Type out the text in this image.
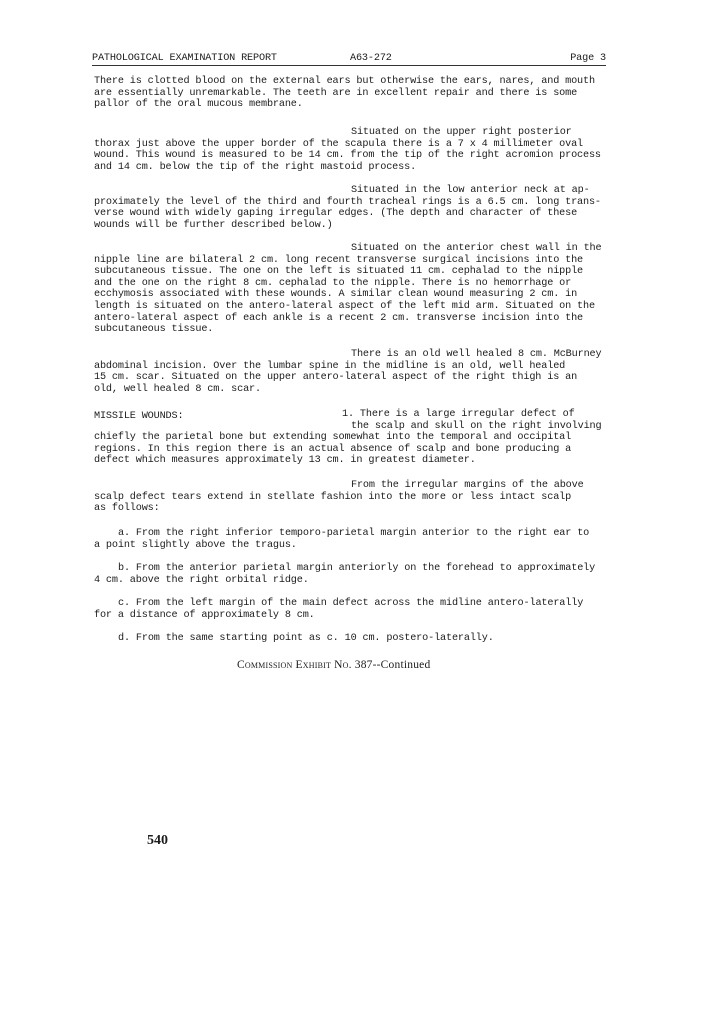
PATHOLOGICAL EXAMINATION REPORT	A63-272	Page 3
There is clotted blood on the external ears but otherwise the ears, nares, and mouth
are essentially unremarkable. The teeth are in excellent repair and there is some
pallor of the oral mucous membrane.
Situated on the upper right posterior
thorax just above the upper border of the scapula there is a 7 x 4 millimeter oval
wound. This wound is measured to be 14 cm. from the tip of the right acromion process
and 14 cm. below the tip of the right mastoid process.
Situated in the low anterior neck at ap-
proximately the level of the third and fourth tracheal rings is a 6.5 cm. long trans-
verse wound with widely gaping irregular edges. (The depth and character of these
wounds will be further described below.)
Situated on the anterior chest wall in the
nipple line are bilateral 2 cm. long recent transverse surgical incisions into the
subcutaneous tissue. The one on the left is situated 11 cm. cephalad to the nipple
and the one on the right 8 cm. cephalad to the nipple. There is no hemorrhage or
ecchymosis associated with these wounds. A similar clean wound measuring 2 cm. in
length is situated on the antero-lateral aspect of the left mid arm. Situated on the
antero-lateral aspect of each ankle is a recent 2 cm. transverse incision into the
subcutaneous tissue.
There is an old well healed 8 cm. McBurney
abdominal incision. Over the lumbar spine in the midline is an old, well healed
15 cm. scar. Situated on the upper antero-lateral aspect of the right thigh is an
old, well healed 8 cm. scar.
MISSILE WOUNDS:	1. There is a large irregular defect of
the scalp and skull on the right involving
chiefly the parietal bone but extending somewhat into the temporal and occipital
regions. In this region there is an actual absence of scalp and bone producing a
defect which measures approximately 13 cm. in greatest diameter.
From the irregular margins of the above
scalp defect tears extend in stellate fashion into the more or less intact scalp
as follows:
a. From the right inferior temporo-parietal margin anterior to the right ear to
a point slightly above the tragus.
b. From the anterior parietal margin anteriorly on the forehead to approximately
4 cm. above the right orbital ridge.
c. From the left margin of the main defect across the midline antero-laterally
for a distance of approximately 8 cm.
d. From the same starting point as c. 10 cm. postero-laterally.
Commission Exhibit No. 387--Continued
540
